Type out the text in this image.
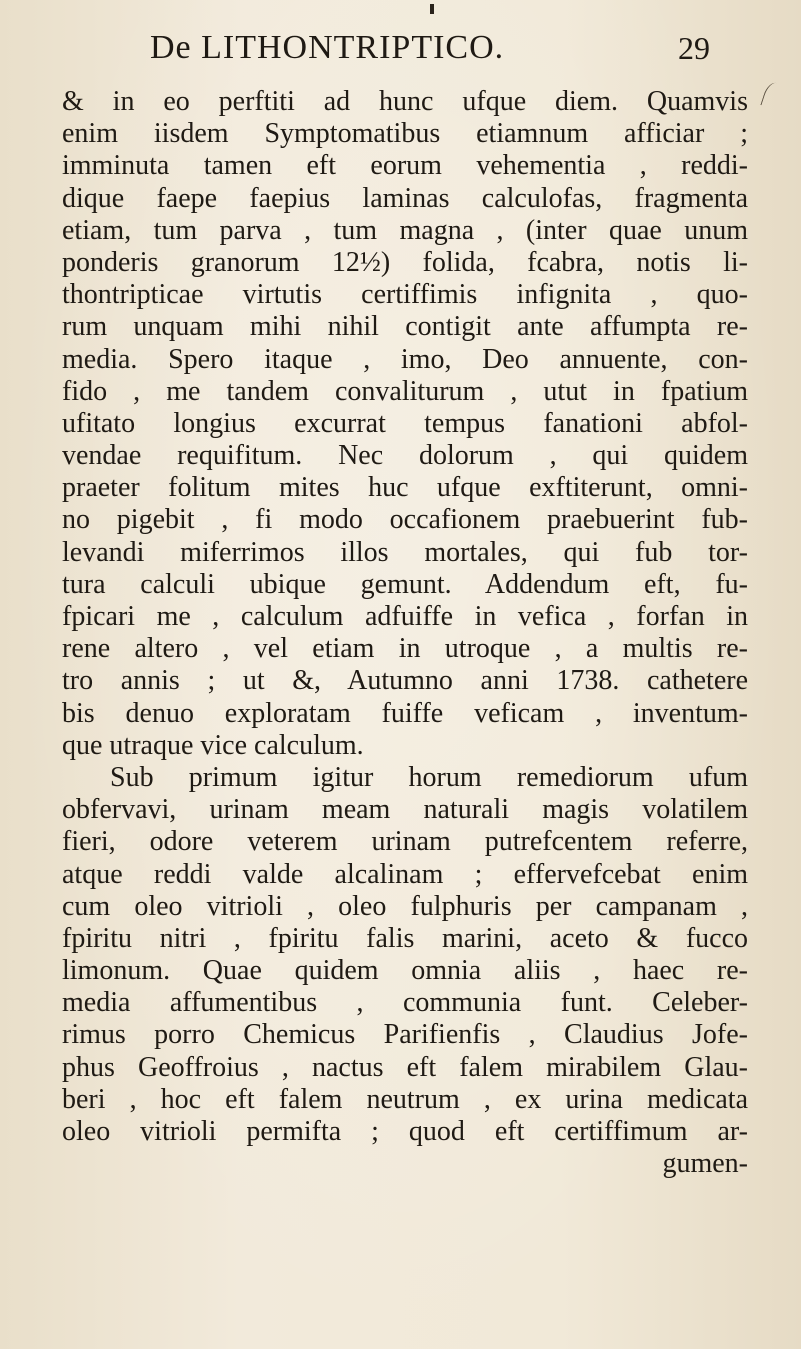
De LITHONTRIPTICO.	29
& in eo perftiti ad hunc ufque diem. Quamvis
enim iisdem Symptomatibus etiamnum afficiar ;
imminuta tamen eft eorum vehementia , reddi-
dique faepe faepius laminas calculofas, fragmenta
etiam, tum parva , tum magna , (inter quae unum
ponderis granorum 12½) folida, fcabra, notis li-
thontripticae virtutis certiffimis infignita , quo-
rum unquam mihi nihil contigit ante affumpta re-
media. Spero itaque , imo, Deo annuente, con-
fido , me tandem convaliturum , utut in fpatium
ufitato longius excurrat tempus fanationi abfol-
vendae requifitum. Nec dolorum , qui quidem
praeter folitum mites huc ufque exftiterunt, omni-
no pigebit , fi modo occafionem praebuerint fub-
levandi miferrimos illos mortales, qui fub tor-
tura calculi ubique gemunt. Addendum eft, fu-
fpicari me , calculum adfuiffe in vefica , forfan in
rene altero , vel etiam in utroque , a multis re-
tro annis ; ut &, Autumno anni 1738. cathetere
bis denuo exploratam fuiffe veficam , inventum-
que utraque vice calculum.
Sub primum igitur horum remediorum ufum
obfervavi, urinam meam naturali magis volatilem
fieri, odore veterem urinam putrefcentem referre,
atque reddi valde alcalinam ; effervefcebat enim
cum oleo vitrioli , oleo fulphuris per campanam ,
fpiritu nitri , fpiritu falis marini, aceto & fucco
limonum. Quae quidem omnia aliis , haec re-
media affumentibus , communia funt. Celeber-
rimus porro Chemicus Parifienfis , Claudius Jofe-
phus Geoffroius , nactus eft falem mirabilem Glau-
beri , hoc eft falem neutrum , ex urina medicata
oleo vitrioli permifta ; quod eft certiffimum ar-
gumen-
